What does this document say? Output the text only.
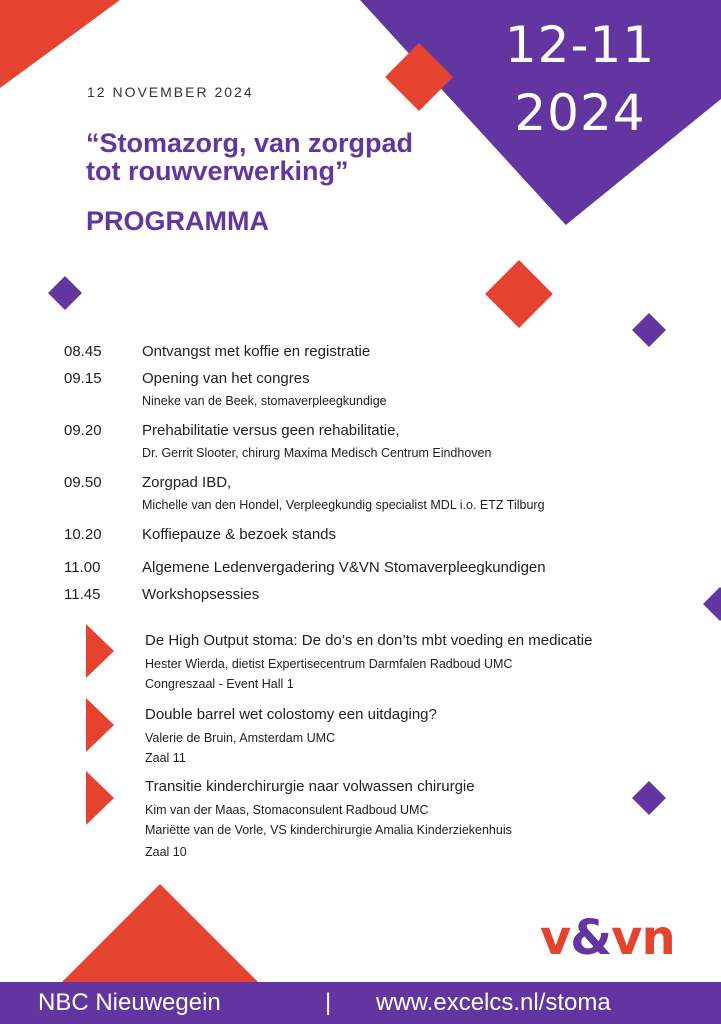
12-11
2024
12 NOVEMBER 2024
“Stomazorg, van zorgpad
tot rouwverwerking”
PROGRAMMA
08.45	Ontvangst met koffie en registratie
09.15	Opening van het congres
Nineke van de Beek, stomaverpleegkundige
09.20	Prehabilitatie versus geen rehabilitatie,
Dr. Gerrit Slooter, chirurg Maxima Medisch Centrum Eindhoven
09.50	Zorgpad IBD,
Michelle van den Hondel, Verpleegkundig specialist MDL i.o. ETZ Tilburg
10.20	Koffiepauze & bezoek stands
11.00	Algemene Ledenvergadering V&VN Stomaverpleegkundigen
11.45	Workshopsessies
De High Output stoma: De do’s en don’ts mbt voeding en medicatie
Hester Wierda, dietist Expertisecentrum Darmfalen Radboud UMC
Congreszaal - Event Hall 1
Double barrel wet colostomy een uitdaging?
Valerie de Bruin, Amsterdam UMC
Zaal 11
Transitie kinderchirurgie naar volwassen chirurgie
Kim van der Maas, Stomaconsulent Radboud UMC
Mariëtte van de Vorle, VS kinderchirurgie Amalia Kinderziekenhuis
Zaal 10
v&vn
NBC Nieuwegein	| www.excelcs.nl/stoma
